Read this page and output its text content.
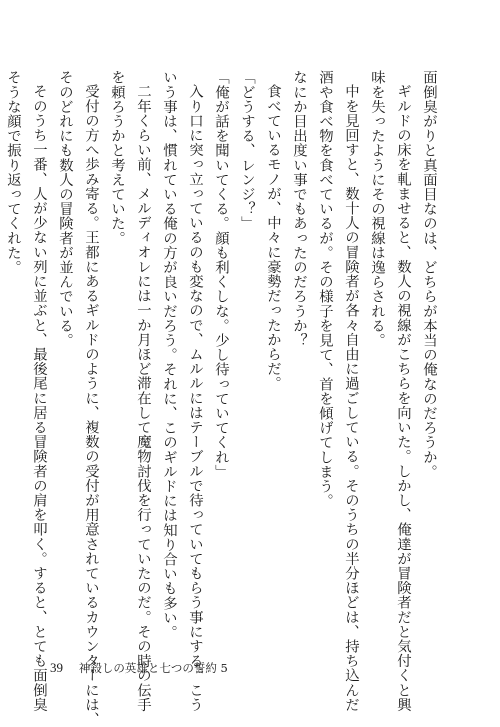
面倒臭がりと真面目なのは、どちらが本当の俺なのだろうか。

ギルドの床を軋ませると、数人の視線がこちらを向いた。しかし、俺達が冒険者だと気付くと興

味を失ったようにその視線は逸らされる。

中を見回すと、数十人の冒険者が各々自由に過ごしている。そのうちの半分ほどは、持ち込んだ

酒や食べ物を食べているが。その様子を見て、首を傾げてしまう。

なにか目出度い事でもあったのだろうか？

食べているモノが、中々に豪勢だったからだ。

「どうする、レンジ？」

「俺が話を聞いてくる。顔も利くしな。少し待っていてくれ」

入り口に突っ立っているのも変なので、ムルルにはテーブルで待っていてもらう事にする。こう

いう事は、慣れている俺の方が良いだろう。それに、このギルドには知り合いも多い。

二年くらい前、メルディオレには一か月ほど滞在して魔物討伐を行っていたのだ。その時の伝手

を頼ろうかと考えていた。

受付の方へ歩み寄る。王都にあるギルドのように、複数の受付が用意されているカウンターには、

そのどれにも数人の冒険者が並んでいる。

そのうち一番、人が少ない列に並ぶと、最後尾に居る冒険者の肩を叩く。すると、とても面倒臭

そうな顔で振り返ってくれた。

39 神殺しの英雄と七つの誓約 5
